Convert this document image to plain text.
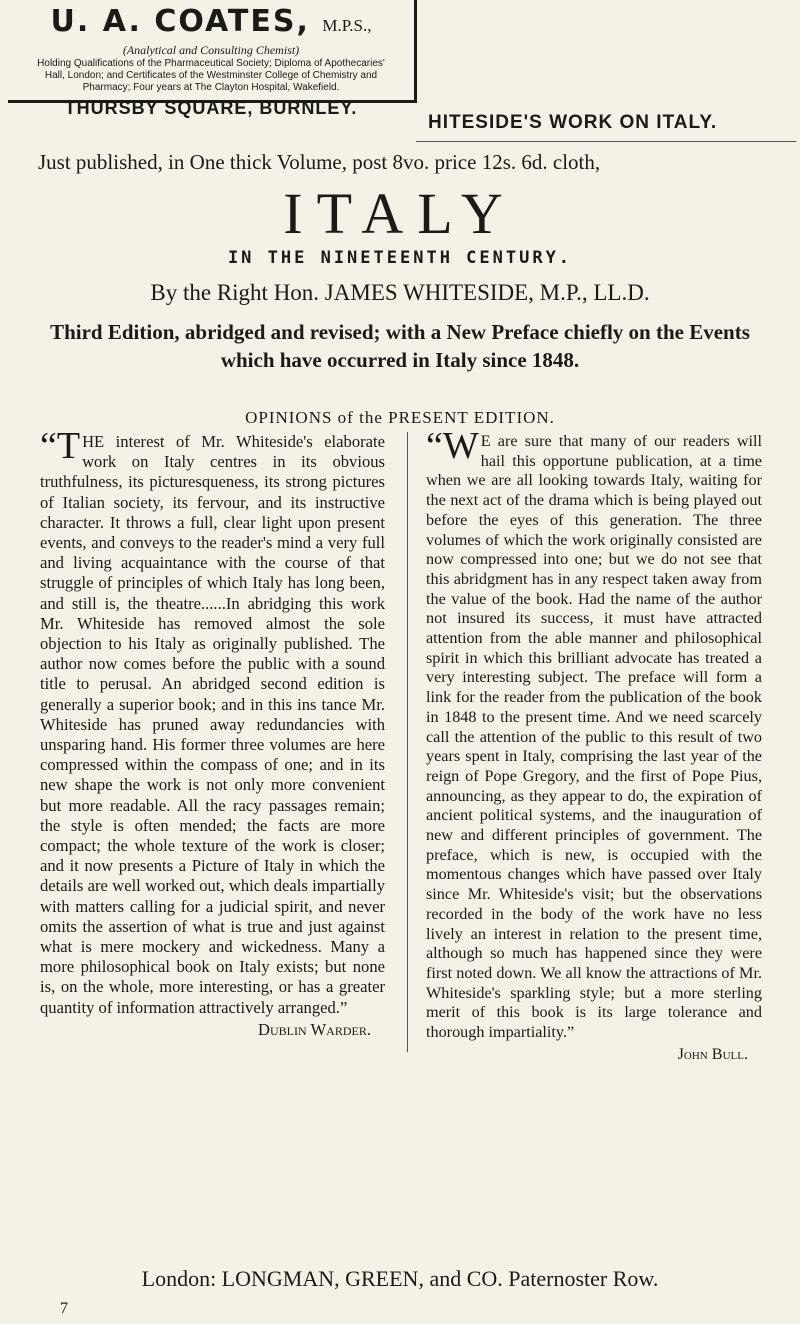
U. A. COATES, M.P.S.,
(Analytical and Consulting Chemist)
Holding Qualifications of the Pharmaceutical Society; Diploma of Apothecaries' Hall, London; and Certificates of the Westminster College of Chemistry and Pharmacy; Four years at The Clayton Hospital, Wakefield.
THURSBY SQUARE, BURNLEY.
HITESIDE'S WORK ON ITALY.
Just published, in One thick Volume, post 8vo. price 12s. 6d. cloth,
ITALY
IN THE NINETEENTH CENTURY.
By the Right Hon. JAMES WHITESIDE, M.P., LL.D.
Third Edition, abridged and revised; with a New Preface chiefly on the Events which have occurred in Italy since 1848.
OPINIONS of the PRESENT EDITION.
“T HE interest of Mr. Whiteside's elaborate work on Italy centres in its obvious truthfulness, its picturesqueness, its strong pictures of Italian society, its fervour, and its instructive character. It throws a full, clear light upon present events, and conveys to the reader's mind a very full and living acquaintance with the course of that struggle of principles of which Italy has long been, and still is, the theatre......In abridging this work Mr. Whiteside has removed almost the sole objection to his Italy as originally published. The author now comes before the public with a sound title to perusal. An abridged second edition is generally a superior book; and in this ins tance Mr. Whiteside has pruned away redundancies with unsparing hand. His former three volumes are here compressed within the compass of one; and in its new shape the work is not only more convenient but more readable. All the racy passages remain; the style is often mended; the facts are more compact; the whole texture of the work is closer; and it now presents a Picture of Italy in which the details are well worked out, which deals impartially with matters calling for a judicial spirit, and never omits the assertion of what is true and just against what is mere mockery and wickedness. Many a more philosophical book on Italy exists; but none is, on the whole, more interesting, or has a greater quantity of information attractively arranged.”
Dublin Warder.
“W E are sure that many of our readers will hail this opportune publication, at a time when we are all looking towards Italy, waiting for the next act of the drama which is being played out before the eyes of this generation. The three volumes of which the work originally consisted are now compressed into one; but we do not see that this abridgment has in any respect taken away from the value of the book. Had the name of the author not insured its success, it must have attracted attention from the able manner and philosophical spirit in which this brilliant advocate has treated a very interesting subject. The preface will form a link for the reader from the publication of the book in 1848 to the present time. And we need scarcely call the attention of the public to this result of two years spent in Italy, comprising the last year of the reign of Pope Gregory, and the first of Pope Pius, announcing, as they appear to do, the expiration of ancient political systems, and the inauguration of new and different principles of government. The preface, which is new, is occupied with the momentous changes which have passed over Italy since Mr. Whiteside's visit; but the observations recorded in the body of the work have no less lively an interest in relation to the present time, although so much has happened since they were first noted down. We all know the attractions of Mr. Whiteside's sparkling style; but a more sterling merit of this book is its large tolerance and thorough impartiality.”
John Bull.
London: LONGMAN, GREEN, and CO. Paternoster Row.
7
